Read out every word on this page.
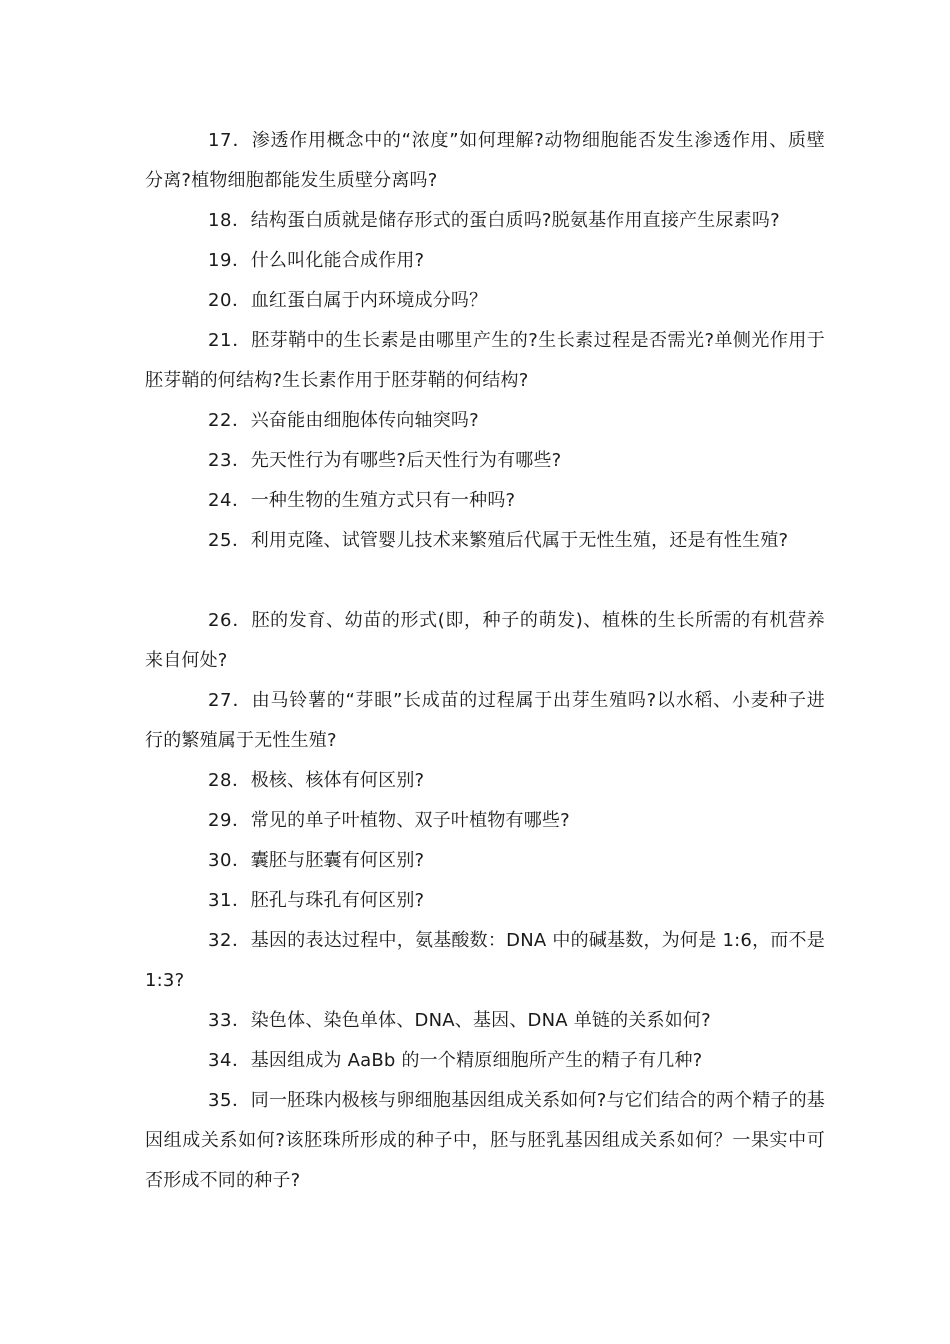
17．渗透作用概念中的“浓度”如何理解?动物细胞能否发生渗透作用、质壁分离?植物细胞都能发生质壁分离吗?

18．结构蛋白质就是储存形式的蛋白质吗?脱氨基作用直接产生尿素吗?

19．什么叫化能合成作用?

20．血红蛋白属于内环境成分吗？

21．胚芽鞘中的生长素是由哪里产生的?生长素过程是否需光?单侧光作用于胚芽鞘的何结构?生长素作用于胚芽鞘的何结构?

22．兴奋能由细胞体传向轴突吗?

23．先天性行为有哪些?后天性行为有哪些?

24．一种生物的生殖方式只有一种吗?

25．利用克隆、试管婴儿技术来繁殖后代属于无性生殖，还是有性生殖?

26．胚的发育、幼苗的形式(即，种子的萌发)、植株的生长所需的有机营养来自何处?

27．由马铃薯的“芽眼”长成苗的过程属于出芽生殖吗?以水稻、小麦种子进行的繁殖属于无性生殖?

28．极核、核体有何区别?

29．常见的单子叶植物、双子叶植物有哪些?

30．囊胚与胚囊有何区别?

31．胚孔与珠孔有何区别?

32．基因的表达过程中，氨基酸数：DNA 中的碱基数，为何是 1:6，而不是 1:3?

33．染色体、染色单体、DNA、基因、DNA 单链的关系如何?

34．基因组成为 AaBb 的一个精原细胞所产生的精子有几种?

35．同一胚珠内极核与卵细胞基因组成关系如何?与它们结合的两个精子的基因组成关系如何?该胚珠所形成的种子中，胚与胚乳基因组成关系如何？一果实中可否形成不同的种子?
